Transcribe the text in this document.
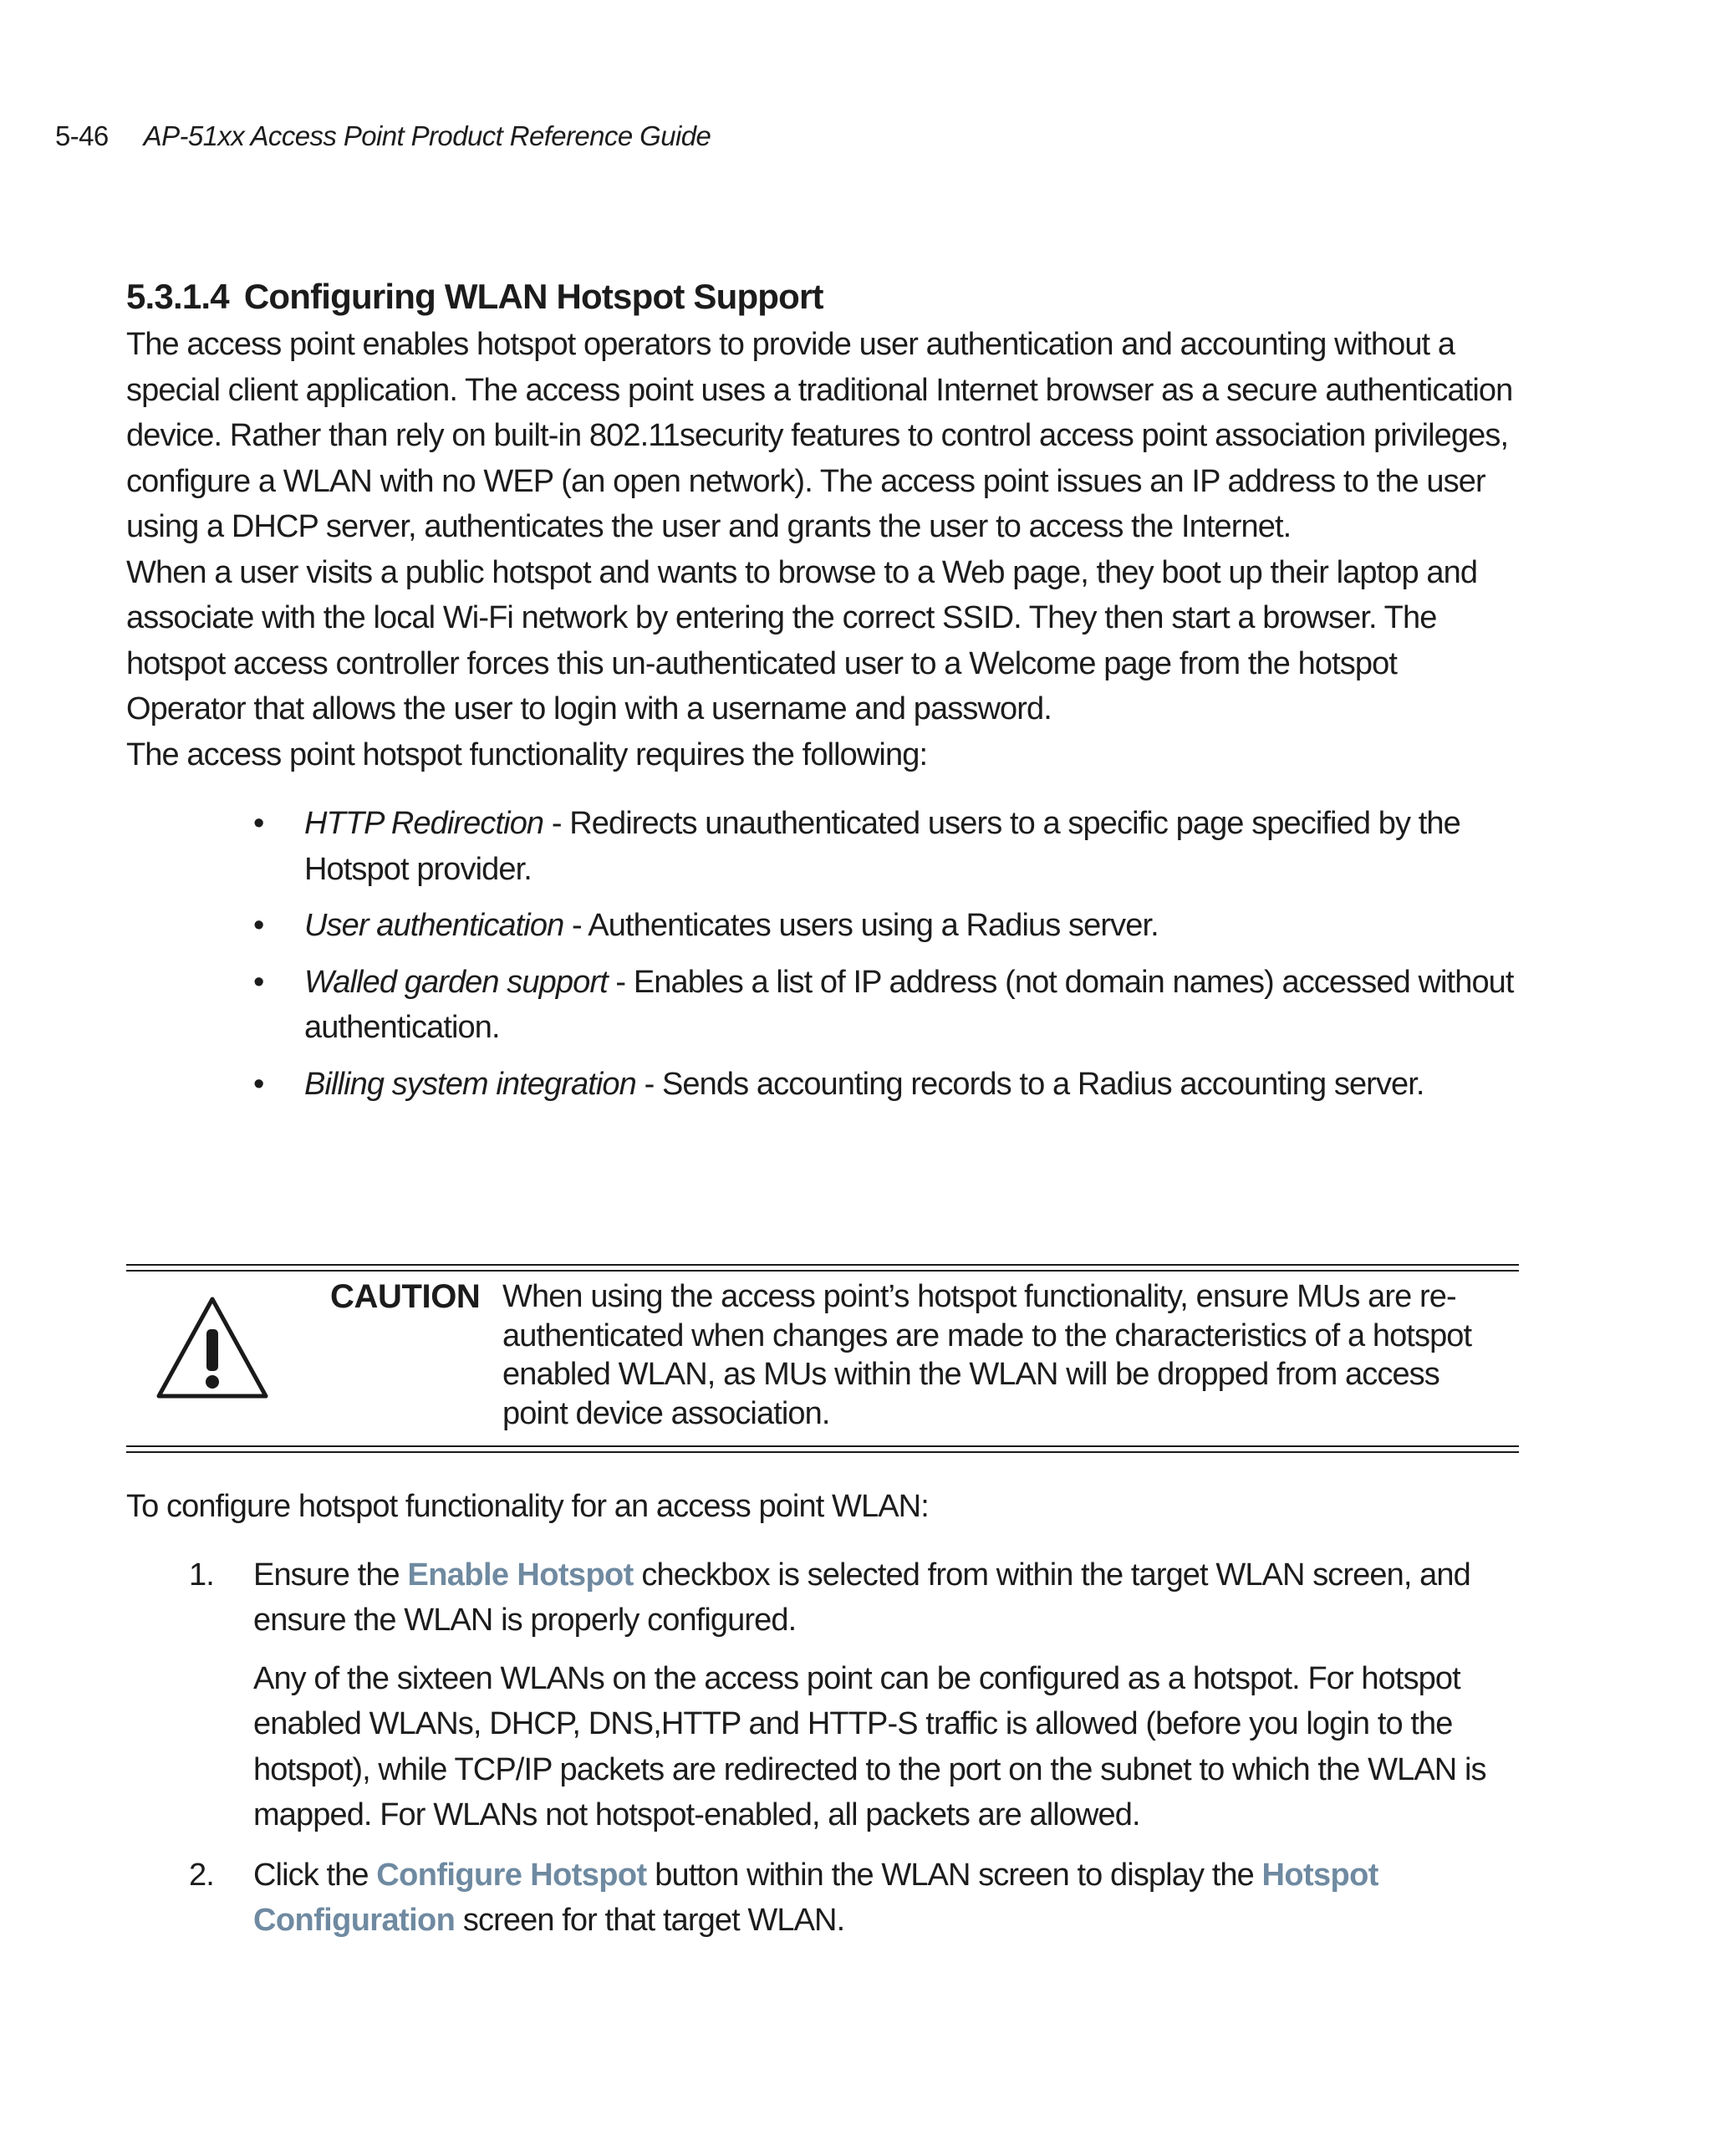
5-46 AP-51xx Access Point Product Reference Guide
5.3.1.4 Configuring WLAN Hotspot Support

The access point enables hotspot operators to provide user authentication and accounting without a special client application. The access point uses a traditional Internet browser as a secure authentication device. Rather than rely on built-in 802.11security features to control access point association privileges, configure a WLAN with no WEP (an open network). The access point issues an IP address to the user using a DHCP server, authenticates the user and grants the user to access the Internet.

When a user visits a public hotspot and wants to browse to a Web page, they boot up their laptop and associate with the local Wi-Fi network by entering the correct SSID. They then start a browser. The hotspot access controller forces this un-authenticated user to a Welcome page from the hotspot Operator that allows the user to login with a username and password.

The access point hotspot functionality requires the following:

• HTTP Redirection - Redirects unauthenticated users to a specific page specified by the Hotspot provider.
• User authentication - Authenticates users using a Radius server.
• Walled garden support - Enables a list of IP address (not domain names) accessed without authentication.
• Billing system integration - Sends accounting records to a Radius accounting server.
CAUTION When using the access point’s hotspot functionality, ensure MUs are re-authenticated when changes are made to the characteristics of a hotspot enabled WLAN, as MUs within the WLAN will be dropped from access point device association.

To configure hotspot functionality for an access point WLAN:

1. Ensure the Enable Hotspot checkbox is selected from within the target WLAN screen, and ensure the WLAN is properly configured.

Any of the sixteen WLANs on the access point can be configured as a hotspot. For hotspot enabled WLANs, DHCP, DNS,HTTP and HTTP-S traffic is allowed (before you login to the hotspot), while TCP/IP packets are redirected to the port on the subnet to which the WLAN is mapped. For WLANs not hotspot-enabled, all packets are allowed.

2. Click the Configure Hotspot button within the WLAN screen to display the Hotspot Configuration screen for that target WLAN.
